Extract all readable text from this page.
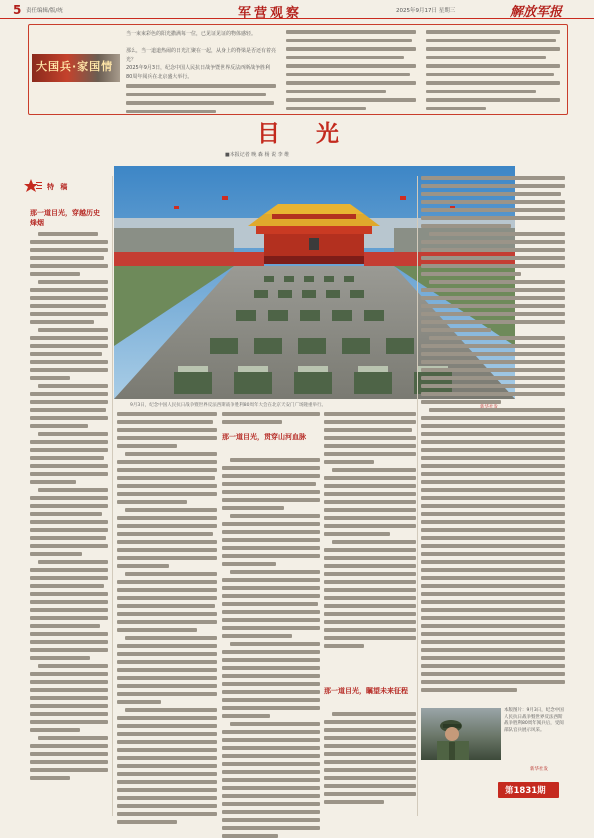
5 责任编辑/版/统	军营观察	2025年9月17日 星期三	解放军报
大国兵·家国情
当一束束彩色的阳光撒满每一位，已见证见证的物体感轻。
那么，当一道道热闹的日光汇聚在一起，从身上的脊梁是否还有着亮光？
2025年9月3日，纪念中国人民抗日战争暨世界反法西斯战争胜利80周年阅兵在北京盛大举行。
目 光
■本报记者 晚 森 杨 说 李 维
9月3日，纪念中国人民抗日战争暨世界反法西斯战争胜利80周年大会在北京天安门广场隆重举行。
特 稿
那一道目光，穿越历史烽烟
那一道目光，贯穿山河血脉
那一道目光，瞩望未来征程
本版图片：9月3日，纪念中国人民抗日战争暨世界反法西斯战争胜利80周年阅兵后，受阅部队官兵展示风采。
新华社发
第1831期
